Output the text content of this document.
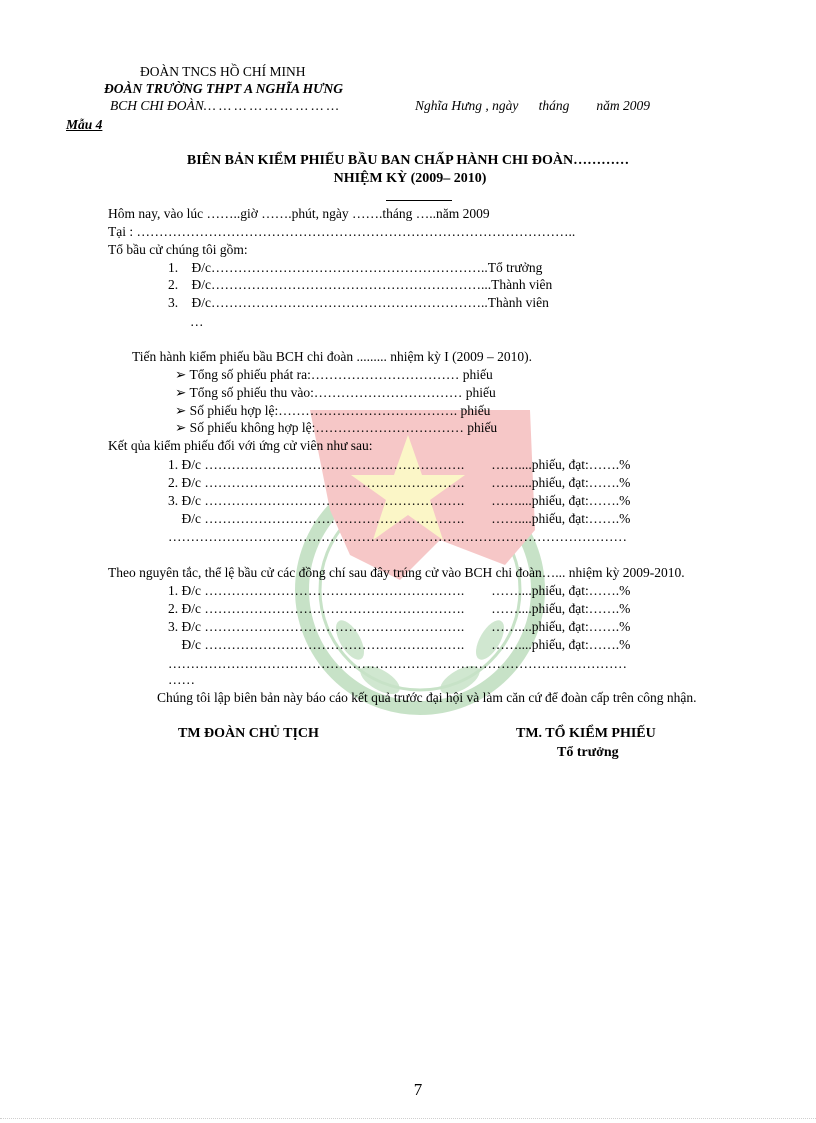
ĐOÀN TNCS HỒ CHÍ MINH
ĐOÀN TRƯỜNG THPT A NGHĨA HƯNG
BCH CHI ĐOÀN… … … … … … … … …	Nghĩa Hưng , ngày      tháng        năm 2009
Mẫu 4
BIÊN BẢN KIỂM PHIẾU BẦU BAN CHẤP HÀNH CHI ĐOÀN…………
NHIỆM KỲ (2009– 2010)
Hôm nay, vào lúc ……..giờ …….phút, ngày …….tháng …..năm 2009
Tại : ……………………………………………………………………………………..
Tổ bầu cử chúng tôi gồm:
1. Đ/c……………………………………………………..Tổ trưởng
2. Đ/c……………………………………………………...Thành viên
3. Đ/c……………………………………………………..Thành viên
…
Tiến hành kiểm phiếu bầu BCH chi đoàn ......... nhiệm kỳ I (2009 – 2010).
➢ Tổng số phiếu phát ra:…………………………… phiếu
➢ Tổng số phiếu thu vào:…………………………… phiếu
➢ Số phiếu hợp lệ:…………………………………. phiếu
➢ Số phiếu không hợp lệ:…………………………… phiếu
Kết qủa kiểm phiếu đối với ứng cử viên như sau:
1. Đ/c ………………………………………………….        ……....phiếu, đạt:…….%
2. Đ/c ………………………………………………….        ……....phiếu, đạt:…….%
3. Đ/c ………………………………………………….        ……....phiếu, đạt:…….%
Đ/c ………………………………………………….        ……....phiếu, đạt:…….%
…………………………………………………………………………………………
Theo nguyên tắc, thể lệ bầu cử các đồng chí sau đây trúng cử vào BCH chi đoàn…... nhiệm kỳ 2009-2010.
1. Đ/c ………………………………………………….        ……....phiếu, đạt:…….%
2. Đ/c ………………………………………………….        ……....phiếu, đạt:…….%
3. Đ/c ………………………………………………….        ……....phiếu, đạt:…….%
Đ/c ………………………………………………….        ……....phiếu, đạt:…….%
…………………………………………………………………………………………
……
Chúng tôi lập biên bản này báo cáo kết quả trước đại hội và làm căn cứ để đoàn cấp trên công nhận.
TM ĐOÀN CHỦ TỊCH	TM. TỔ KIỂM PHIẾU
Tổ trưởng
7
